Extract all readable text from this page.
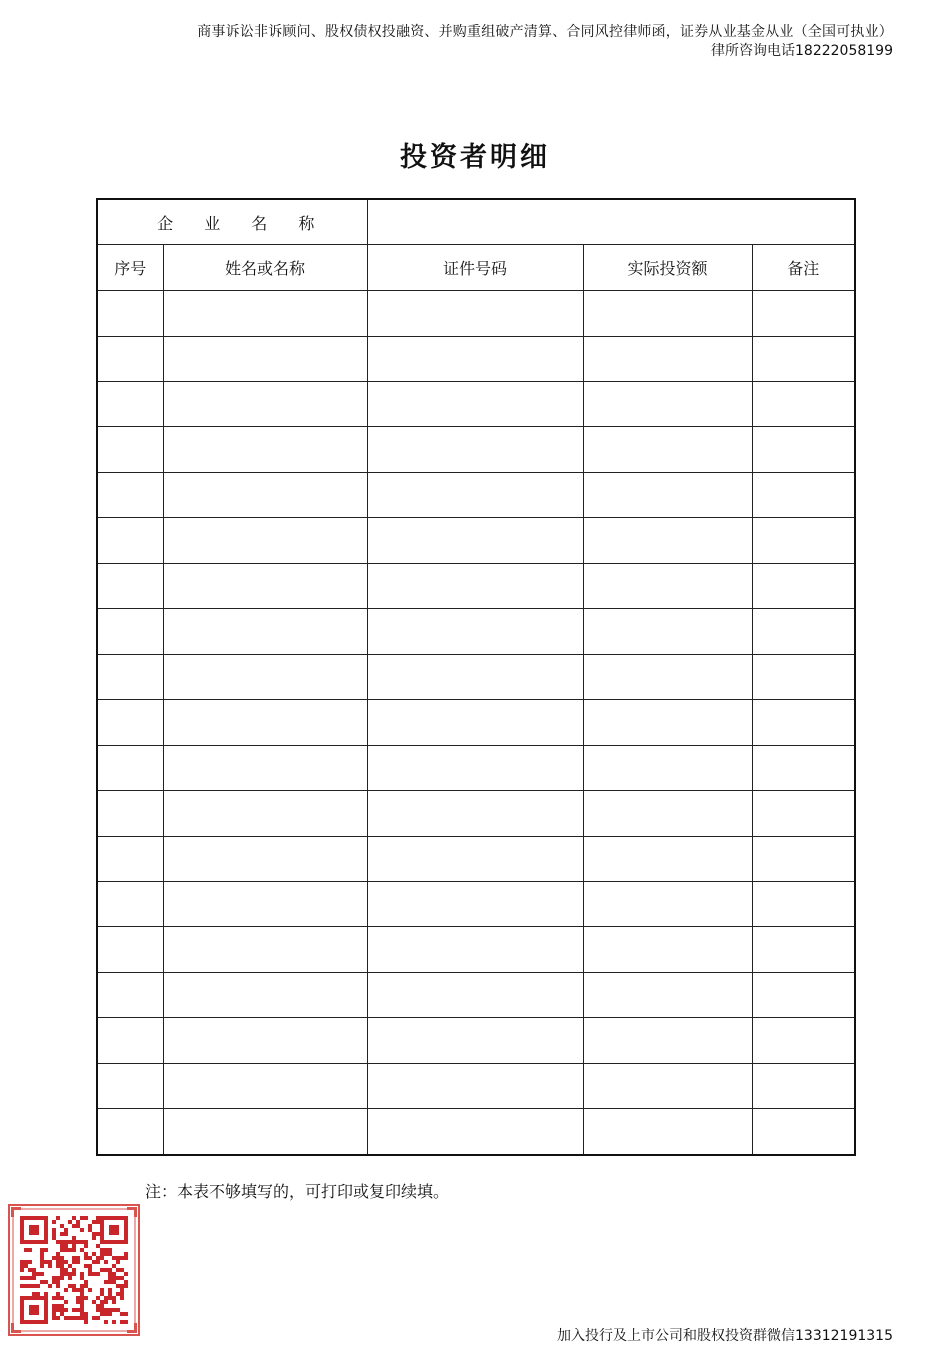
商事诉讼非诉顾问、股权债权投融资、并购重组破产清算、合同风控律师函，证券从业基金从业（全国可执业）
律所咨询电话18222058199
投资者明细
企 业 名 称				
序号	姓名或名称	证件号码	实际投资额	备注

注：本表不够填写的，可打印或复印续填。
加入投行及上市公司和股权投资群微信13312191315
